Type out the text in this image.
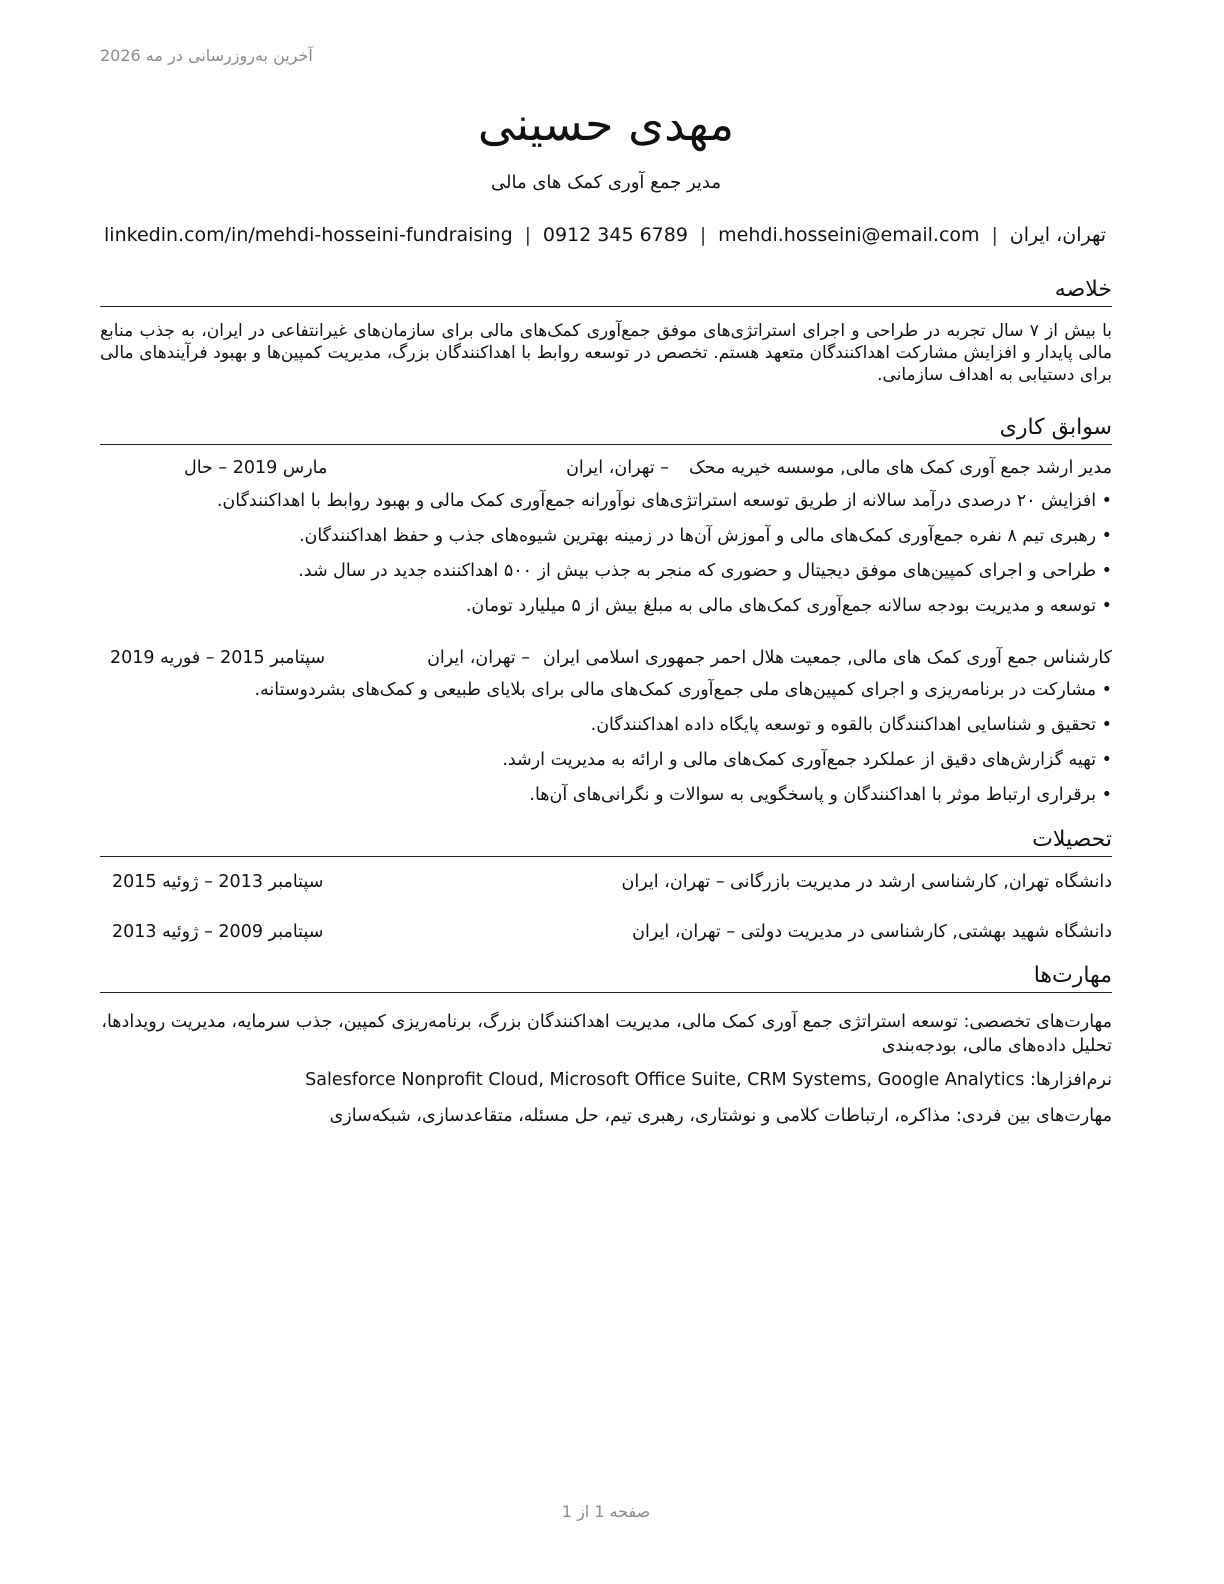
آخرین به‌روزرسانی در مه 2026
مهدی حسینی
مدیر جمع آوری کمک های مالی
تهران، ایران
|
mehdi.hosseini@email.com
|
0912 345 6789
|
linkedin.com/in/mehdi-hosseini-fundraising
خلاصه
با بیش از ۷ سال تجربه در طراحی و اجرای استراتژی‌های موفق جمع‌آوری کمک‌های مالی برای سازمان‌های غیرانتفاعی در ایران، به جذب منابع مالی پایدار و افزایش مشارکت اهداکنندگان متعهد هستم. تخصص در توسعه روابط با اهداکنندگان بزرگ، مدیریت کمپین‌ها و بهبود فرآیندهای مالی برای دستیابی به اهداف سازمانی.
سوابق کاری
مدیر ارشد جمع آوری کمک های مالی, موسسه خیریه محک
– تهران، ایران
مارس 2019 – حال
• افزایش ۲۰ درصدی درآمد سالانه از طریق توسعه استراتژی‌های نوآورانه جمع‌آوری کمک مالی و بهبود روابط با اهداکنندگان.
• رهبری تیم ۸ نفره جمع‌آوری کمک‌های مالی و آموزش آن‌ها در زمینه بهترین شیوه‌های جذب و حفظ اهداکنندگان.
• طراحی و اجرای کمپین‌های موفق دیجیتال و حضوری که منجر به جذب بیش از ۵۰۰ اهداکننده جدید در سال شد.
• توسعه و مدیریت بودجه سالانه جمع‌آوری کمک‌های مالی به مبلغ بیش از ۵ میلیارد تومان.
کارشناس جمع آوری کمک های مالی, جمعیت هلال احمر جمهوری اسلامی ایران
– تهران، ایران
سپتامبر 2015 – فوریه 2019
• مشارکت در برنامه‌ریزی و اجرای کمپین‌های ملی جمع‌آوری کمک‌های مالی برای بلایای طبیعی و کمک‌های بشردوستانه.
• تحقیق و شناسایی اهداکنندگان بالقوه و توسعه پایگاه داده اهداکنندگان.
• تهیه گزارش‌های دقیق از عملکرد جمع‌آوری کمک‌های مالی و ارائه به مدیریت ارشد.
• برقراری ارتباط موثر با اهداکنندگان و پاسخگویی به سوالات و نگرانی‌های آن‌ها.
تحصیلات
دانشگاه تهران, کارشناسی ارشد در مدیریت بازرگانی – تهران، ایران
سپتامبر 2013 – ژوئیه 2015
دانشگاه شهید بهشتی, کارشناسی در مدیریت دولتی – تهران، ایران
سپتامبر 2009 – ژوئیه 2013
مهارت‌ها
مهارت‌های تخصصی: توسعه استراتژی جمع آوری کمک مالی، مدیریت اهداکنندگان بزرگ، برنامه‌ریزی کمپین، جذب سرمایه، مدیریت رویدادها، تحلیل داده‌های مالی، بودجه‌بندی
نرم‌افزارها: Salesforce Nonprofit Cloud, Microsoft Office Suite, CRM Systems, Google Analytics
مهارت‌های بین فردی: مذاکره، ارتباطات کلامی و نوشتاری، رهبری تیم، حل مسئله، متقاعدسازی، شبکه‌سازی
صفحه 1 از 1
